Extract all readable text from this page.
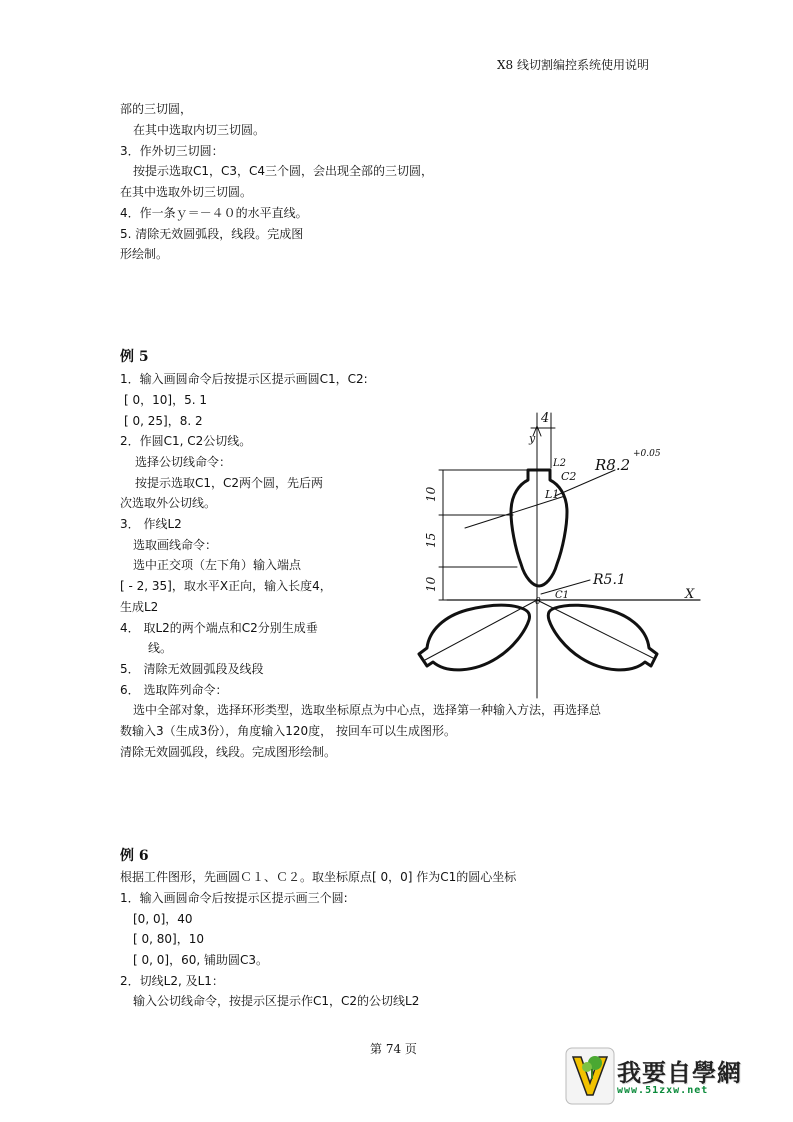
X8 线切割编控系统使用说明
部的三切圆，
在其中选取内切三切圆。
3．作外切三切圆：
按提示选取C1，C3，C4三个圆，会出现全部的三切圆，
在其中选取外切三切圆。
4．作一条ｙ＝－４０的水平直线。
5. 清除无效圆弧段，线段。完成图
形绘制。
例 5
1．输入画圆命令后按提示区提示画圆C1，C2:
[ 0，10]，5. 1
[ 0, 25]，8. 2
2．作圆C1, C2公切线。
选择公切线命令：
按提示选取C1，C2两个圆，先后两
次选取外公切线。
3． 作线L2
选取画线命令：
选中正交项（左下角）输入端点
[ - 2, 35]，取水平X正向，输入长度4，
生成L2
4． 取L2的两个端点和C2分别生成垂
线。
5． 清除无效圆弧段及线段
6． 选取阵列命令：
选中全部对象，选择环形类型，选取坐标原点为中心点，选择第一种输入方法，再选择总
数输入3（生成3份），角度输入120度， 按回车可以生成图形。
清除无效圆弧段，线段。完成图形绘制。
4
y
L2
C2
R8.2
+0.05
L1
10
15
10	R5.1
C1
0	X
例 6
根据工件图形，先画圆Ｃ１、Ｃ２。取坐标原点[ 0，0] 作为C1的圆心坐标
1．输入画圆命令后按提示区提示画三个圆:
[0, 0]，40
[ 0, 80]，10
[ 0, 0]，60, 铺助圆C3。
2．切线L2, 及L1：
输入公切线命令，按提示区提示作C1，C2的公切线L2
第 74 页
我要自學網
www.51zxw.net
